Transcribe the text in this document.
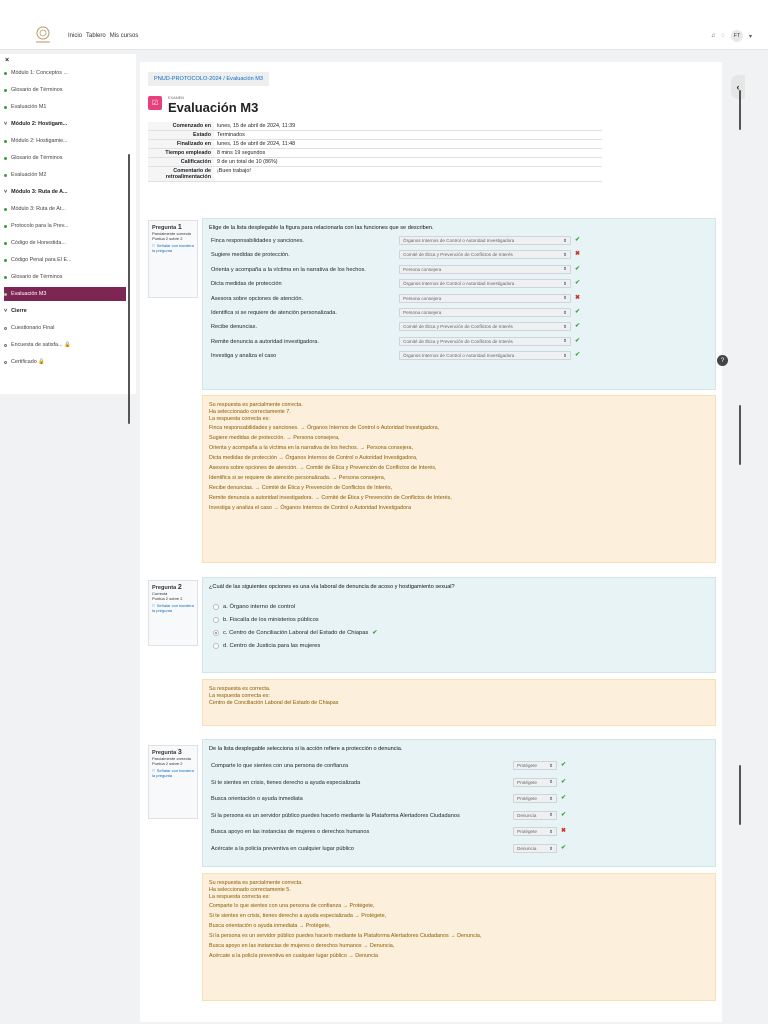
Inicio Tablero Mis cursos	♫ ◌	FT	▾
×
Módulo 1: Conceptos ...
Glosario de Términos
Evaluación M1
˅ Módulo 2: Hostigam...
Módulo 2: Hostigamie...
Glosario de Términos
Evaluación M2
˅ Módulo 3: Ruta de A...
Módulo 3: Ruta de At...
Protocolo para la Prev...
Código de Honestida...
Código Penal para El E...
Glosario de Términos
Evaluación M3
˅ Cierre
Cuestionario Final
Encuesta de satisfa... 🔒
Certificado 🔒
PNUD-PROTOCOLO-2024 / Evaluación M3
☑
EXAMEN
Evaluación M3
Comenzado en	lunes, 15 de abril de 2024, 11:39
Estado	Terminados
Finalizado en	lunes, 15 de abril de 2024, 11:48
Tiempo empleado	8 mins 19 segundos
Calificación	9 de un total de 10 (86%)
Comentario de retroalimentación	¡Buen trabajo!
Pregunta 1
Parcialmente correcta
Puntúa 2 sobre 2
⚐ Señalar con bandera la pregunta
Elige de la lista desplegable la figura para relacionarla con las funciones que se describen.
Finca responsabilidades y sanciones.	Órganos Internos de Control o Autoridad Investigadora	⬍ ✔
Sugiere medidas de protección.	Comité de Ética y Prevención de Conflictos de Interés	⬍ ✖
Orienta y acompaña a la víctima en la narrativa de los hechos.	Persona consejera	⬍ ✔
Dicta medidas de protección	Órganos Internos de Control o Autoridad Investigadora	⬍ ✔
Asesora sobre opciones de atención.	Persona consejera	⬍ ✖
Identifica si se requiere de atención personalizada.	Persona consejera	⬍ ✔
Recibe denuncias.	Comité de Ética y Prevención de Conflictos de Interés	⬍ ✔
Remite denuncia a autoridad investigadora.	Comité de Ética y Prevención de Conflictos de Interés	⬍ ✔
Investiga y analiza el caso	Órganos Internos de Control o Autoridad Investigadora	⬍ ✔
Su respuesta es parcialmente correcta.
Ha seleccionado correctamente 7.
La respuesta correcta es:
Finca responsabilidades y sanciones. → Órganos Internos de Control o Autoridad Investigadora,
Sugiere medidas de protección. → Persona consejera,
Orienta y acompaña a la víctima en la narrativa de los hechos. → Persona consejera,
Dicta medidas de protección → Órganos Internos de Control o Autoridad Investigadora,
Asesora sobre opciones de atención. → Comité de Ética y Prevención de Conflictos de Interés,
Identifica si se requiere de atención personalizada. → Persona consejera,
Recibe denuncias. → Comité de Ética y Prevención de Conflictos de Interés,
Remite denuncia a autoridad investigadora. → Comité de Ética y Prevención de Conflictos de Interés,
Investiga y analiza el caso → Órganos Internos de Control o Autoridad Investigadora
Pregunta 2
Correcta
Puntúa 2 sobre 2
⚐ Señalar con bandera la pregunta
¿Cuál de las siguientes opciones es una vía laboral de denuncia de acoso y hostigamiento sexual?
a. Órgano interno de control
b. Fiscalía de los ministerios públicos
c. Centro de Conciliación Laboral del Estado de Chiapas ✔
d. Centro de Justicia para las mujeres
Su respuesta es correcta.
La respuesta correcta es:
Centro de Conciliación Laboral del Estado de Chiapas
Pregunta 3
Parcialmente correcta
Puntúa 2 sobre 2
⚐ Señalar con bandera la pregunta
De la lista desplegable selecciona si la acción refiere a protección o denuncia.
Comparte lo que sientes con una persona de confianza	Protégete	⬍ ✔
Si te sientes en crisis, tienes derecho a ayuda especializada	Protégete	⬍ ✔
Busca orientación o ayuda inmediata	Protégete	⬍ ✔
Si la persona es un servidor público puedes hacerlo mediante la Plataforma Alertadores Ciudadanos	Denuncia	⬍ ✔
Busca apoyo en las instancias de mujeres o derechos humanos	Protégete	⬍ ✖
Acércate a la policía preventiva en cualquier lugar público	Denuncia	⬍ ✔
Su respuesta es parcialmente correcta.
Ha seleccionado correctamente 5.
La respuesta correcta es:
Comparte lo que sientes con una persona de confianza → Protégete,
Si te sientes en crisis, tienes derecho a ayuda especializada → Protégete,
Busca orientación o ayuda inmediata → Protégete,
Si la persona es un servidor público puedes hacerlo mediante la Plataforma Alertadores Ciudadanos → Denuncia,
Busca apoyo en las instancias de mujeres o derechos humanos → Denuncia,
Acércate a la policía preventiva en cualquier lugar público → Denuncia
‹
?
